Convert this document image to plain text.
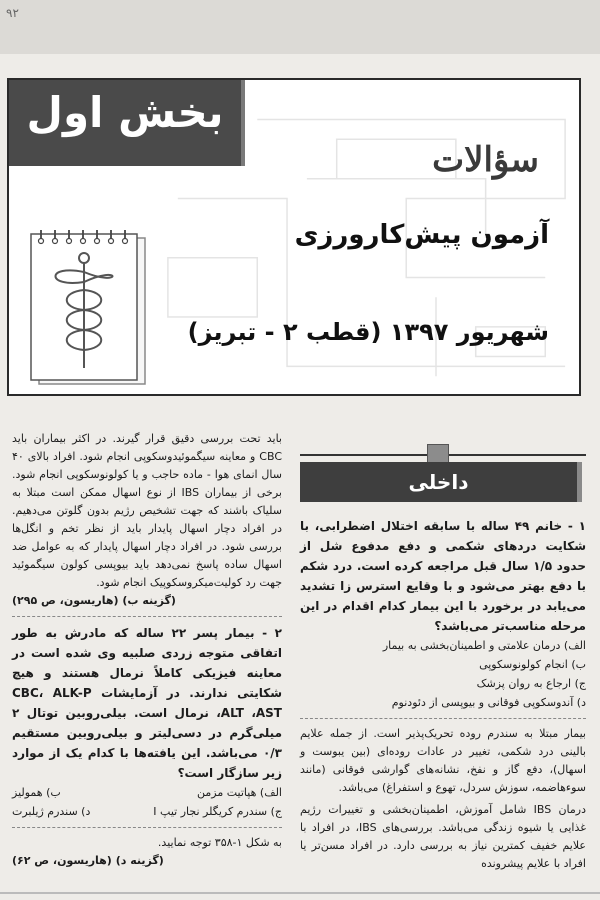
۹۲
بخش اول
سؤالات
آزمون پیش‌کارورزی
شهریور ۱۳۹۷ (قطب ۲ - تبریز)
داخلی
۱ - خانم ۴۹ ساله با سابقه اختلال اضطرابی، با شکایت دردهای شکمی و دفع مدفوع شل از حدود ۱/۵ سال قبل مراجعه کرده است. درد شکم با دفع بهتر می‌شود و با وقایع استرس زا تشدید می‌یابد در برخورد با این بیمار کدام اقدام در این مرحله مناسب‌تر می‌باشد؟

الف) درمان علامتی و اطمینان‌بخشی به بیمار

ب) انجام کولونوسکوپی

ج) ارجاع به روان پزشک

د) آندوسکوپی فوقانی و بیوپسی از دئودنوم

بیمار مبتلا به سندرم روده تحریک‌پذیر است. از جمله علایم بالینی درد شکمی، تغییر در عادات روده‌ای (بین یبوست و اسهال)، دفع گاز و نفخ، نشانه‌های گوارشی فوقانی (مانند سوءهاضمه، سوزش سردل، تهوع و استفراغ) می‌باشد.

درمان IBS شامل آموزش، اطمینان‌بخشی و تغییرات رژیم غذایی یا شیوه زندگی می‌باشد. بررسی‌های IBS، در افراد با علایم خفیف کمترین نیاز به بررسی دارد. در افراد مسن‌تر یا افراد با علایم پیشرونده

باید تحت بررسی دقیق قرار گیرند. در اکثر بیماران باید CBC و معاینه سیگموئیدوسکوپی انجام شود. افراد بالای ۴۰ سال انمای هوا - ماده حاجب و یا کولونوسکوپی انجام شود. برخی از بیماران IBS از نوع اسهال ممکن است مبتلا به سلیاک باشند که جهت تشخیص رژیم بدون گلوتن می‌دهیم. در افراد دچار اسهال پایدار باید از نظر تخم و انگل‌ها بررسی شود. در افراد دچار اسهال پایدار که به عوامل ضد اسهال ساده پاسخ نمی‌دهد باید بیوپسی کولون سیگموئید جهت رد کولیت‌میکروسکوپیک انجام شود.
(گزینه ب) (هاریسون، ص ۲۹۵)
۲ - بیمار پسر ۲۲ ساله که مادرش به طور اتفاقی متوجه زردی صلبیه وی شده است در معاینه فیزیکی کاملاً نرمال هستند و هیچ شکایتی ندارند. در آزمایشات CBC، ALK-P ،ALT ،AST نرمال است. بیلی‌روبین توتال ۲ میلی‌گرم در دسی‌لیتر و بیلی‌روبین مستقیم ۰/۳ می‌باشد. این یافته‌ها با کدام یک از موارد زیر سازگار است؟
الف) هپاتیت مزمن
ب) همولیز
ج) سندرم کریگلر نجار تیپ I
د) سندرم ژیلبرت
به شکل ۱-۳۵۸ توجه نمایید.
(گزینه د) (هاریسون، ص ۶۲)
